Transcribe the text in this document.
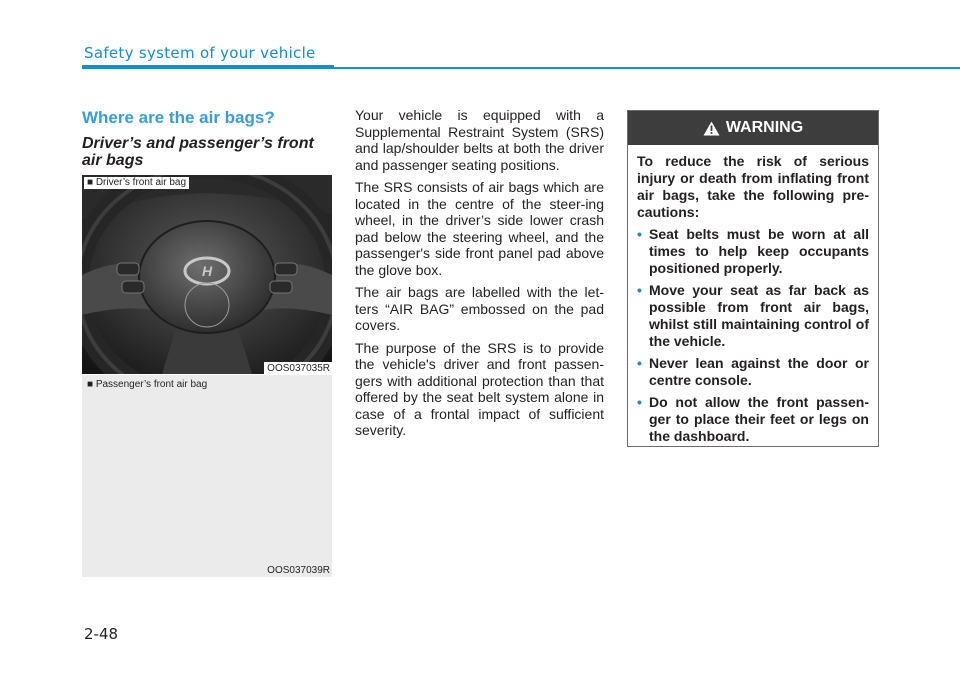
Safety system of your vehicle
Where are the air bags?
Driver’s and passenger’s front air bags
H
■ Driver’s front air bag
OOS037035R
■ Passenger’s front air bag
OOS037039R

Your vehicle is equipped with a Supplemental Restraint System (SRS) and lap/shoulder belts at both the driver and passenger seating positions.

The SRS consists of air bags which are located in the centre of the steer-ing wheel, in the driver’s side lower crash pad below the steering wheel, and the passenger's side front panel pad above the glove box.

The air bags are labelled with the let-ters “AIR BAG” embossed on the pad covers.

The purpose of the SRS is to provide the vehicle's driver and front passen-gers with additional protection than that offered by the seat belt system alone in case of a frontal impact of sufficient severity.

WARNING

To reduce the risk of serious injury or death from inflating front air bags, take the following pre-cautions:

• Seat belts must be worn at all times to help keep occupants positioned properly.
• Move your seat as far back as possible from front air bags, whilst still maintaining control of the vehicle.
• Never lean against the door or centre console.
• Do not allow the front passen-ger to place their feet or legs on the dashboard.
2-48
